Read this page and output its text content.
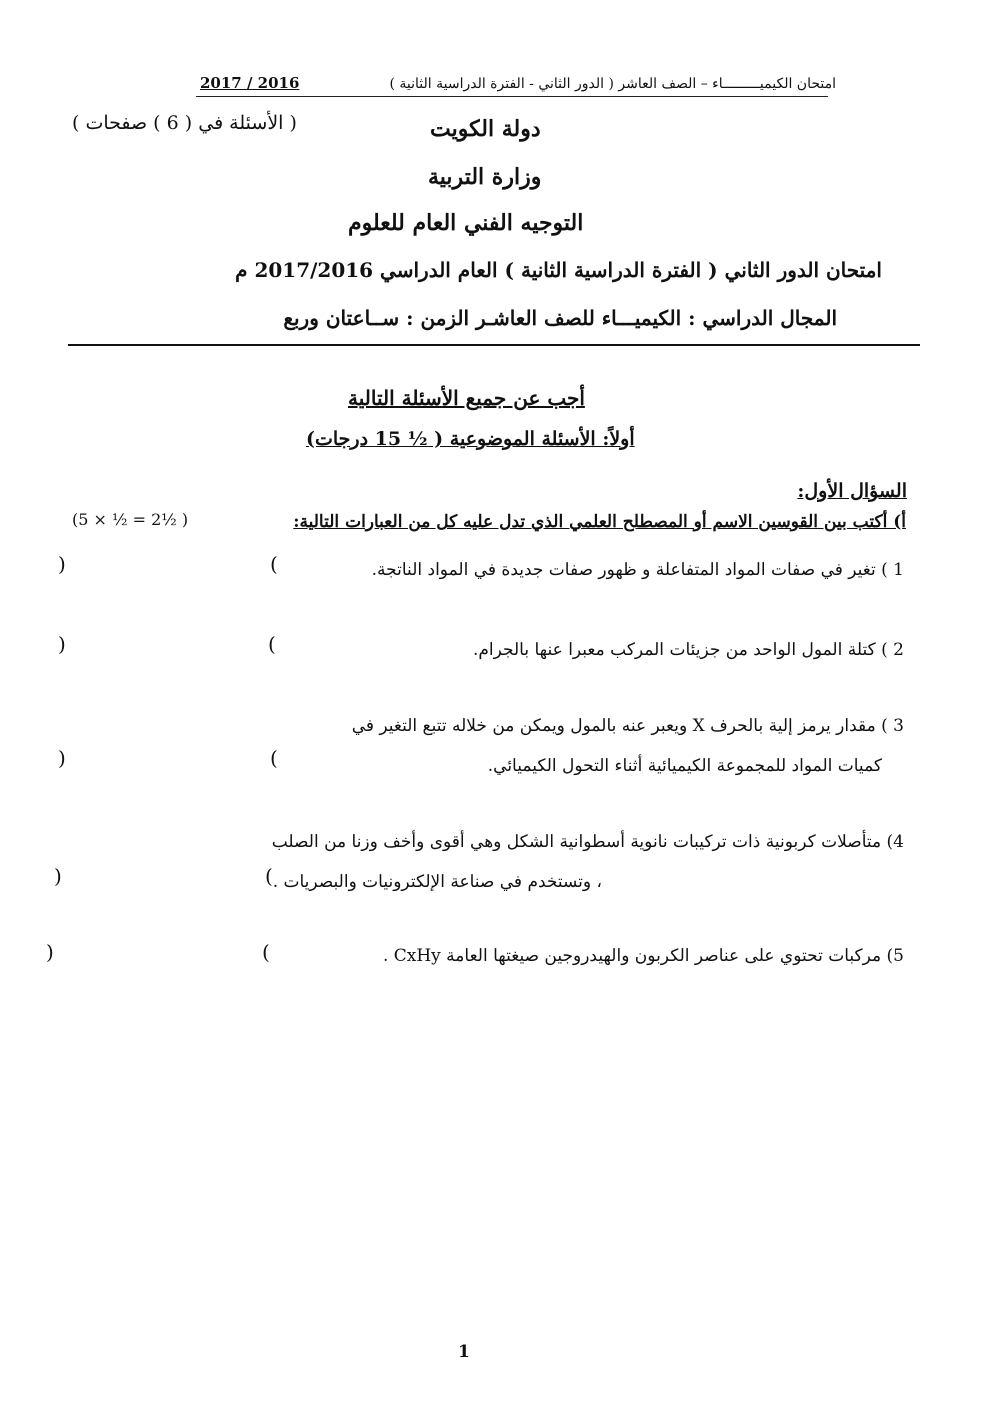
امتحان الكيميـــــــــاء – الصف العاشر ( الدور الثاني - الفترة الدراسية الثانية )
2017 / 2016
( الأسئلة في ( 6 ) صفحات )	دولة الكويت
وزارة التربية
التوجيه الفني العام للعلوم
امتحان الدور الثاني ( الفترة الدراسية الثانية ) العام الدراسي 2017/2016 م
المجال الدراسي : الكيميـــاء للصف العاشـر الزمن : ســاعتان وربع
أجب عن جميع الأسئلة التالية
أولاً: الأسئلة الموضوعية ( ½ 15 درجات)
السؤال الأول:
أ) أكتب بين القوسين الاسم أو المصطلح العلمي الذي تدل عليه كل من العبارات التالية:
(5 × ½ = 2½ )
1 ) تغير في صفات المواد المتفاعلة و ظهور صفات جديدة في المواد الناتجة.
(
)
2 ) كتلة المول الواحد من جزيئات المركب معبرا عنها بالجرام.
(
)
3 ) مقدار يرمز إلية بالحرف X ويعبر عنه بالمول ويمكن من خلاله تتبع التغير في
كميات المواد للمجموعة الكيميائية أثناء التحول الكيميائي.
(
)
4) متأصلات كربونية ذات تركيبات نانوية أسطوانية الشكل وهي أقوى وأخف وزنا من الصلب
، وتستخدم في صناعة الإلكترونيات والبصريات .
(
)
5) مركبات تحتوي على عناصر الكربون والهيدروجين صيغتها العامة CxHy .
(
)
1
